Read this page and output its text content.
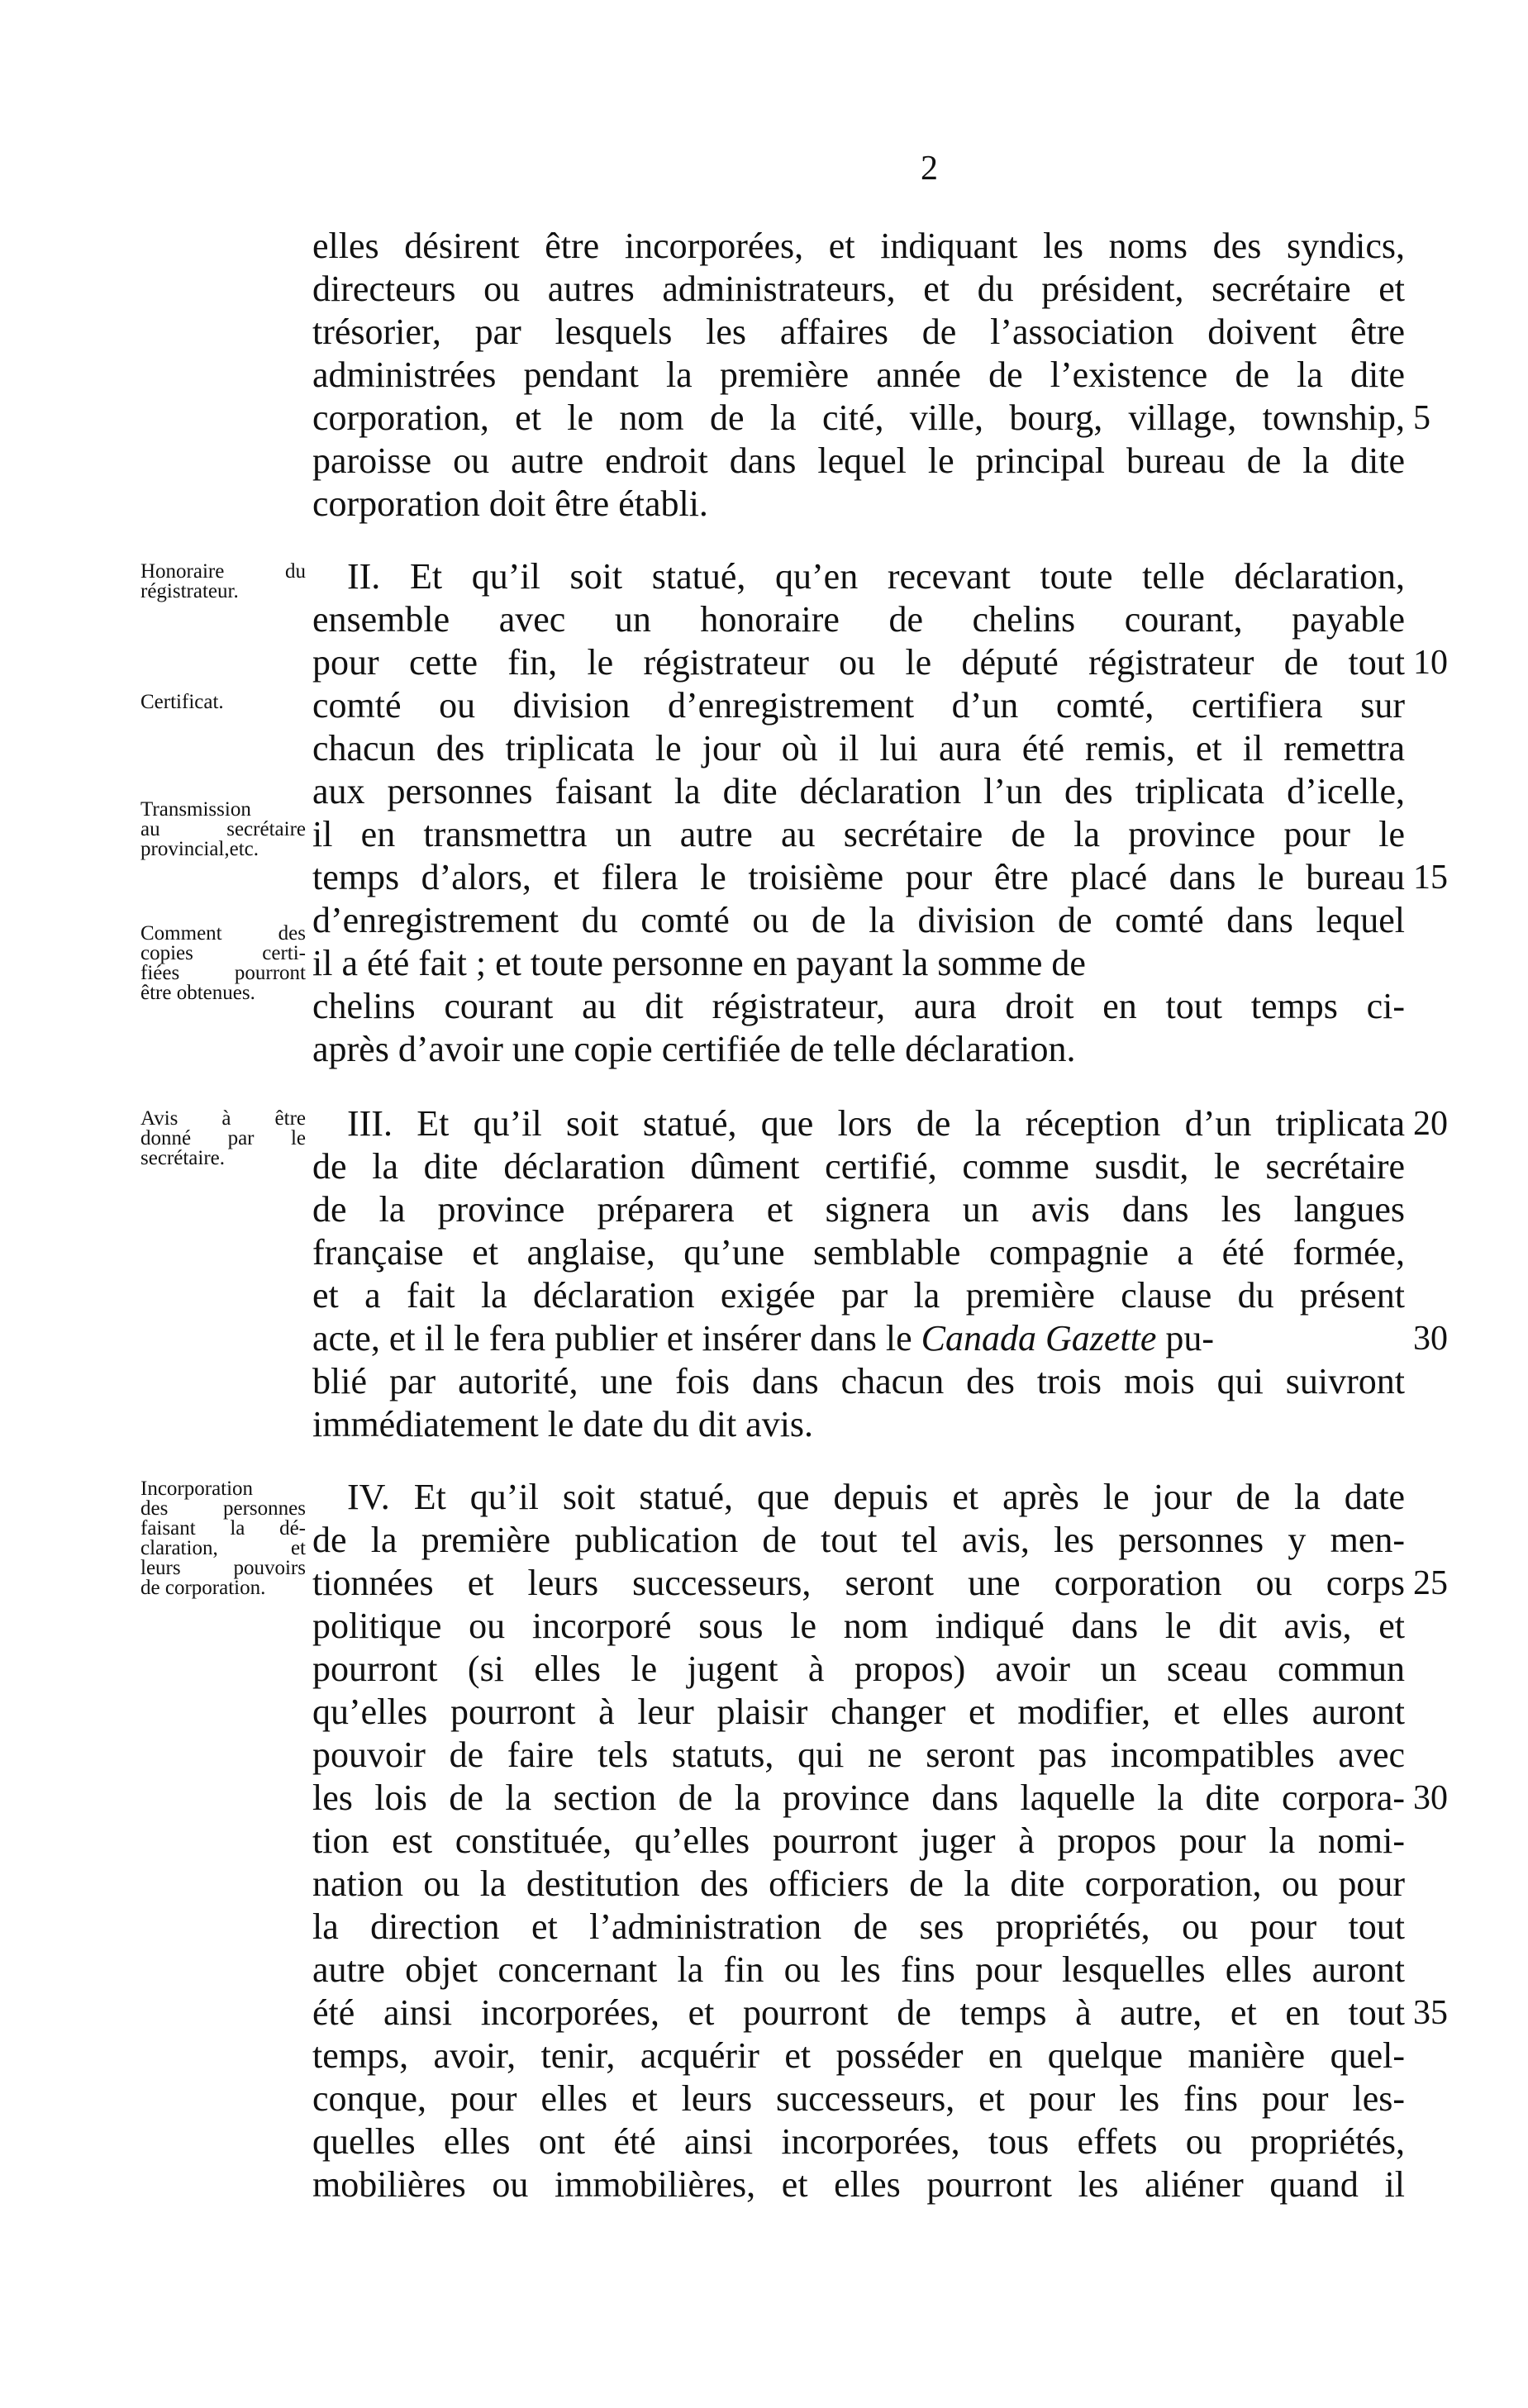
2
elles désirent être incorporées, et indiquant les noms des syndics,
directeurs ou autres administrateurs, et du président, secrétaire et
trésorier, par lesquels les affaires de l’association doivent être
administrées pendant la première année de l’existence de la dite
corporation, et le nom de la cité, ville, bourg, village, township,
paroisse ou autre endroit dans lequel le principal bureau de la dite
corporation doit être établi.
II. Et qu’il soit statué, qu’en recevant toute telle déclaration,
ensemble avec un honoraire de chelins courant, payable
pour cette fin, le régistrateur ou le député régistrateur de tout
comté ou division d’enregistrement d’un comté, certifiera sur
chacun des triplicata le jour où il lui aura été remis, et il remettra
aux personnes faisant la dite déclaration l’un des triplicata d’icelle,
il en transmettra un autre au secrétaire de la province pour le
temps d’alors, et filera le troisième pour être placé dans le bureau
d’enregistrement du comté ou de la division de comté dans lequel
il a été fait ; et toute personne en payant la somme de
chelins courant au dit régistrateur, aura droit en tout temps ci-
après d’avoir une copie certifiée de telle déclaration.
III. Et qu’il soit statué, que lors de la réception d’un triplicata
de la dite déclaration dûment certifié, comme susdit, le secrétaire
de la province préparera et signera un avis dans les langues
française et anglaise, qu’une semblable compagnie a été formée,
et a fait la déclaration exigée par la première clause du présent
acte, et il le fera publier et insérer dans le Canada Gazette pu-
blié par autorité, une fois dans chacun des trois mois qui suivront
immédiatement le date du dit avis.
IV. Et qu’il soit statué, que depuis et après le jour de la date
de la première publication de tout tel avis, les personnes y men-
tionnées et leurs successeurs, seront une corporation ou corps
politique ou incorporé sous le nom indiqué dans le dit avis, et
pourront (si elles le jugent à propos) avoir un sceau commun
qu’elles pourront à leur plaisir changer et modifier, et elles auront
pouvoir de faire tels statuts, qui ne seront pas incompatibles avec
les lois de la section de la province dans laquelle la dite corpora-
tion est constituée, qu’elles pourront juger à propos pour la nomi-
nation ou la destitution des officiers de la dite corporation, ou pour
la direction et l’administration de ses propriétés, ou pour tout
autre objet concernant la fin ou les fins pour lesquelles elles auront
été ainsi incorporées, et pourront de temps à autre, et en tout
temps, avoir, tenir, acquérir et posséder en quelque manière quel-
conque, pour elles et leurs successeurs, et pour les fins pour les-
quelles elles ont été ainsi incorporées, tous effets ou propriétés,
mobilières ou immobilières, et elles pourront les aliéner quand il
5
10
15
20
25
30
30
35
Honoraire du
régistrateur.
Certificat.
Transmission
au secrétaire
provincial,etc.
Comment des
copies certi-
fiées pourront
être obtenues.
Avis à être
donné par le
secrétaire.
Incorporation
des personnes
faisant la dé-
claration, et
leurs pouvoirs
de corporation.
